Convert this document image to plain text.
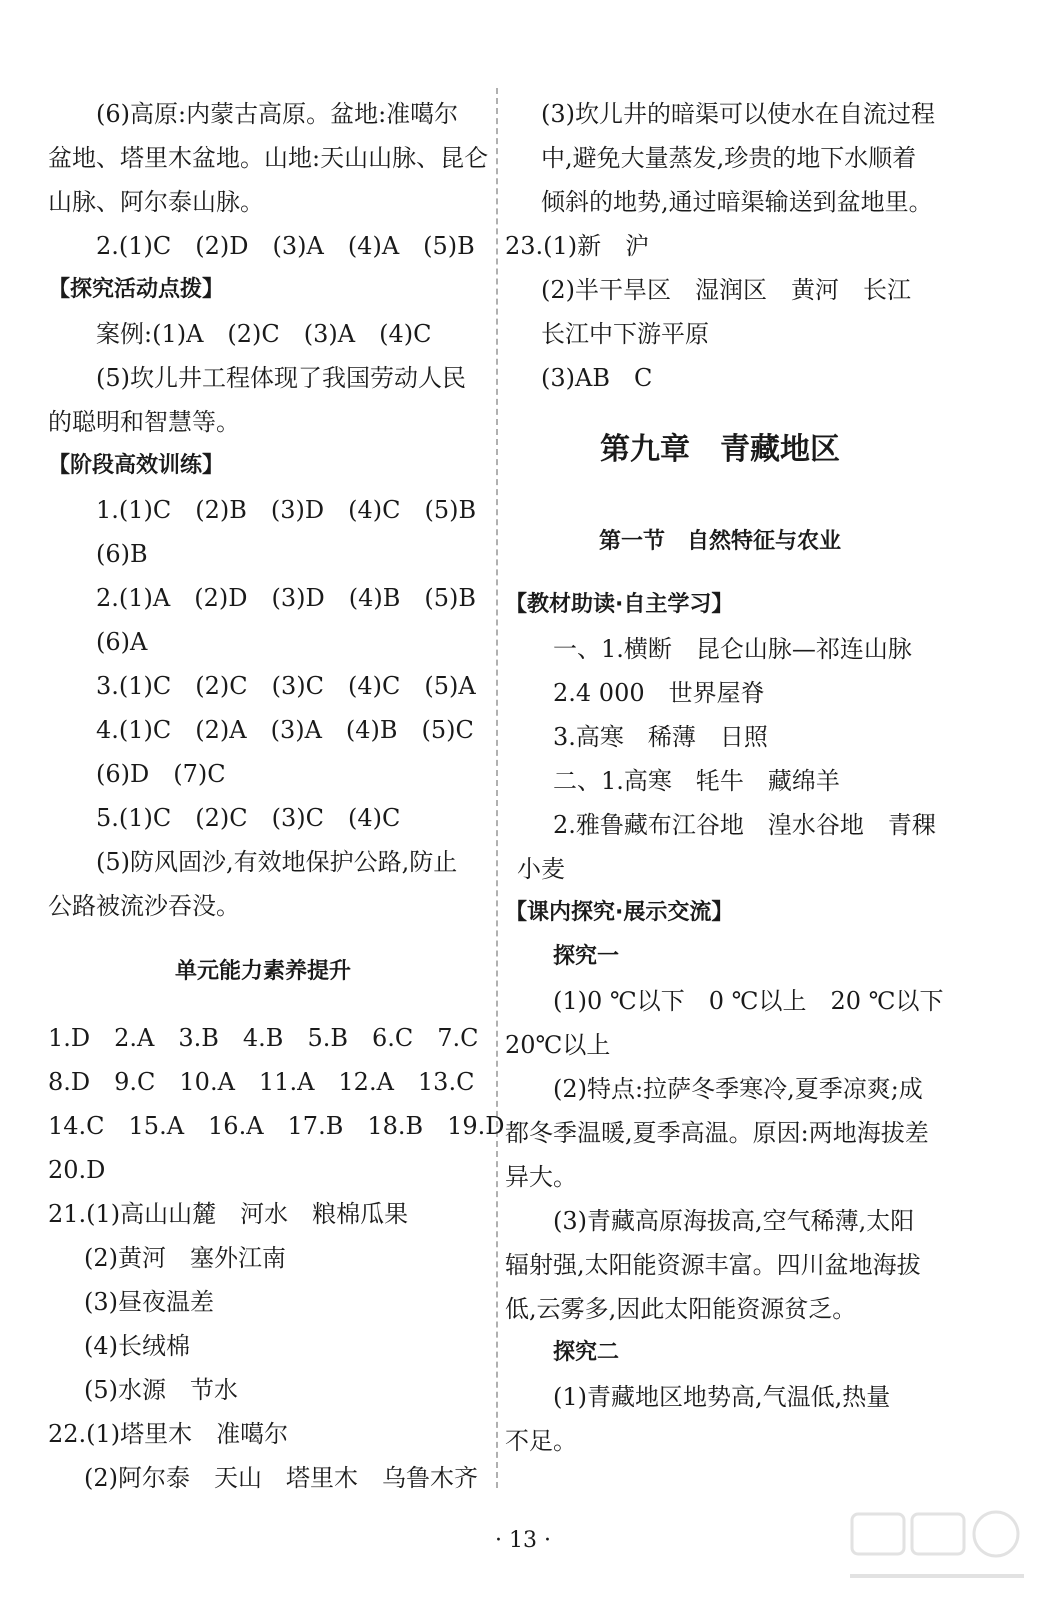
(6)高原:内蒙古高原。盆地:准噶尔
盆地、塔里木盆地。山地:天山山脉、昆仑
山脉、阿尔泰山脉。
2.(1)C　(2)D　(3)A　(4)A　(5)B
【探究活动点拨】
案例:(1)A　(2)C　(3)A　(4)C
(5)坎儿井工程体现了我国劳动人民
的聪明和智慧等。
【阶段高效训练】
1.(1)C　(2)B　(3)D　(4)C　(5)B
(6)B
2.(1)A　(2)D　(3)D　(4)B　(5)B
(6)A
3.(1)C　(2)C　(3)C　(4)C　(5)A
4.(1)C　(2)A　(3)A　(4)B　(5)C
(6)D　(7)C
5.(1)C　(2)C　(3)C　(4)C
(5)防风固沙,有效地保护公路,防止
公路被流沙吞没。
单元能力素养提升
1.D　2.A　3.B　4.B　5.B　6.C　7.C
8.D　9.C　10.A　11.A　12.A　13.C
14.C　15.A　16.A　17.B　18.B　19.D
20.D
21.(1)高山山麓　河水　粮棉瓜果
(2)黄河　塞外江南
(3)昼夜温差
(4)长绒棉
(5)水源　节水
22.(1)塔里木　准噶尔
(2)阿尔泰　天山　塔里木　乌鲁木齐
(3)坎儿井的暗渠可以使水在自流过程
中,避免大量蒸发,珍贵的地下水顺着
倾斜的地势,通过暗渠输送到盆地里。
23.(1)新　沪
(2)半干旱区　湿润区　黄河　长江
长江中下游平原
(3)AB　C
第九章　青藏地区
第一节　自然特征与农业
【教材助读·自主学习】
一、1.横断　昆仑山脉—祁连山脉
2.4 000　世界屋脊
3.高寒　稀薄　日照
二、1.高寒　牦牛　藏绵羊
2.雅鲁藏布江谷地　湟水谷地　青稞
小麦
【课内探究·展示交流】
探究一
(1)0 ℃以下　0 ℃以上　20 ℃以下
20℃以上
(2)特点:拉萨冬季寒冷,夏季凉爽;成
都冬季温暖,夏季高温。原因:两地海拔差
异大。
(3)青藏高原海拔高,空气稀薄,太阳
辐射强,太阳能资源丰富。四川盆地海拔
低,云雾多,因此太阳能资源贫乏。
探究二
(1)青藏地区地势高,气温低,热量
不足。
· 13 ·
